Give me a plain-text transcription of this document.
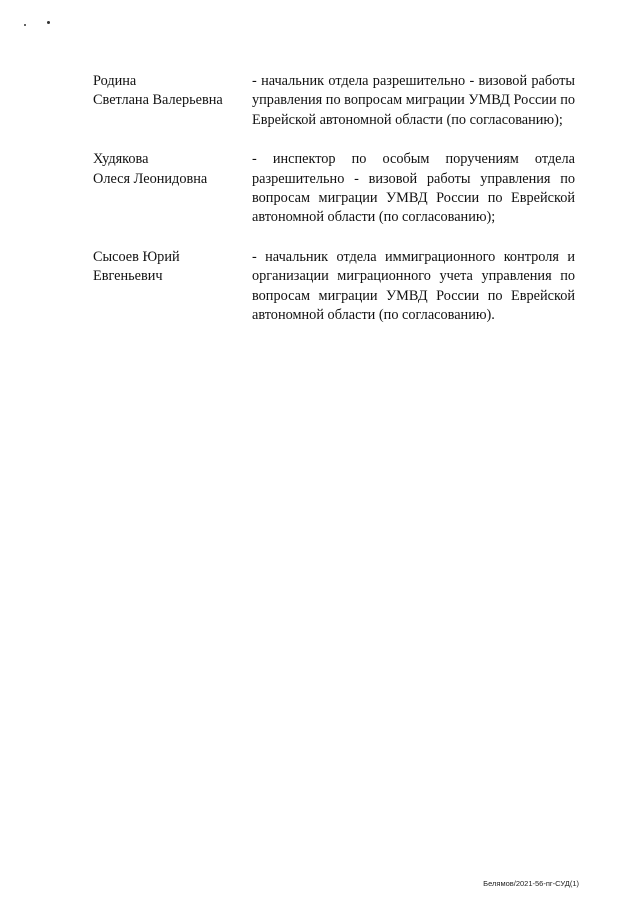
Родина
Светлана Валерьевна
- начальник отдела разрешительно - визовой работы управления по вопросам миграции УМВД России по Еврейской автономной области (по согласованию);
Худякова
Олеся Леонидовна
- инспектор по особым поручениям отдела разрешительно - визовой работы управления по вопросам миграции УМВД России по Еврейской автономной области (по согласованию);
Сысоев Юрий
Евгеньевич
- начальник отдела иммиграционного контроля и организации миграционного учета управления по вопросам миграции УМВД России по Еврейской автономной области (по согласованию).
Белямов/2021-56-пг-СУД(1)
